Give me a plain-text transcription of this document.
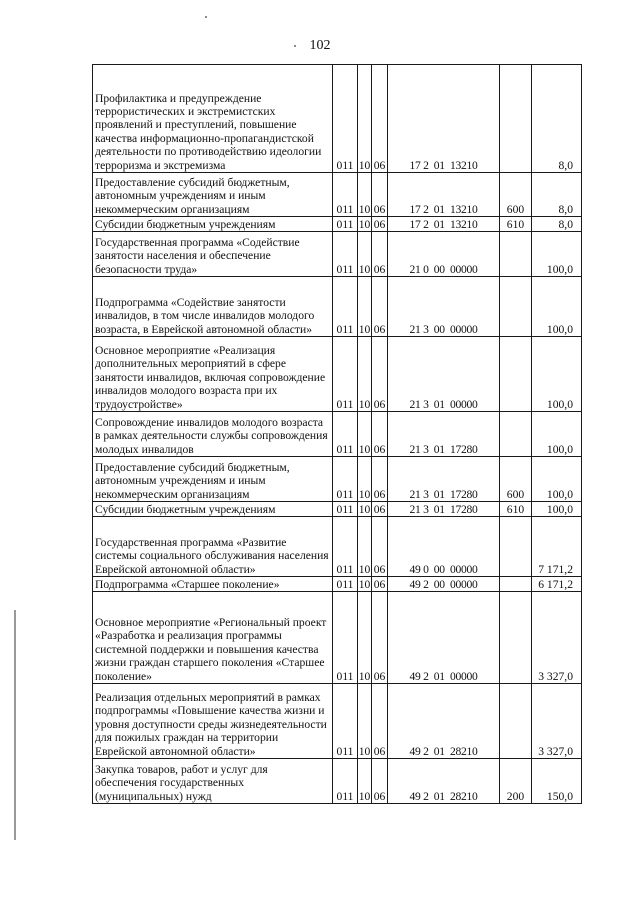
102
Профилактика и предупреждение террористических и экстремистских проявлений и преступлений, повышение качества информационно-пропагандистской деятельности по противодействию идеологии терроризма и экстремизма	011	10	06	17 2  01  13210		8,0
Предоставление субсидий бюджетным, автономным учреждениям и иным некоммерческим организациям	011	10	06	17 2  01  13210	600	8,0
Субсидии бюджетным учреждениям	011	10	06	17 2  01  13210	610	8,0
Государственная программа «Содействие занятости населения и обеспечение безопасности труда»	011	10	06	21 0  00  00000		100,0
Подпрограмма «Содействие занятости инвалидов, в том числе инвалидов молодого возраста, в Еврейской автономной области»	011	10	06	21 3  00  00000		100,0
Основное мероприятие «Реализация дополнительных мероприятий в сфере занятости инвалидов, включая сопровождение инвалидов молодого возраста при их трудоустройстве»	011	10	06	21 3  01  00000		100,0
Сопровождение инвалидов молодого возраста в рамках деятельности службы сопровождения молодых инвалидов	011	10	06	21 3  01  17280		100,0
Предоставление субсидий бюджетным, автономным учреждениям и иным некоммерческим организациям	011	10	06	21 3  01  17280	600	100,0
Субсидии бюджетным учреждениям	011	10	06	21 3  01  17280	610	100,0
Государственная программа «Развитие системы социального обслуживания населения Еврейской автономной области»	011	10	06	49 0  00  00000		7 171,2
Подпрограмма «Старшее поколение»	011	10	06	49 2  00  00000		6 171,2
Основное мероприятие «Региональный проект «Разработка и реализация программы системной поддержки и повышения качества жизни граждан старшего поколения «Старшее поколение»	011	10	06	49 2  01  00000		3 327,0
Реализация отдельных мероприятий в рамках подпрограммы «Повышение качества жизни и уровня доступности среды жизнедеятельности для пожилых граждан на территории Еврейской автономной области»	011	10	06	49 2  01  28210		3 327,0
Закупка товаров, работ и услуг для обеспечения государственных (муниципальных) нужд	011	10	06	49 2  01  28210	200	150,0
